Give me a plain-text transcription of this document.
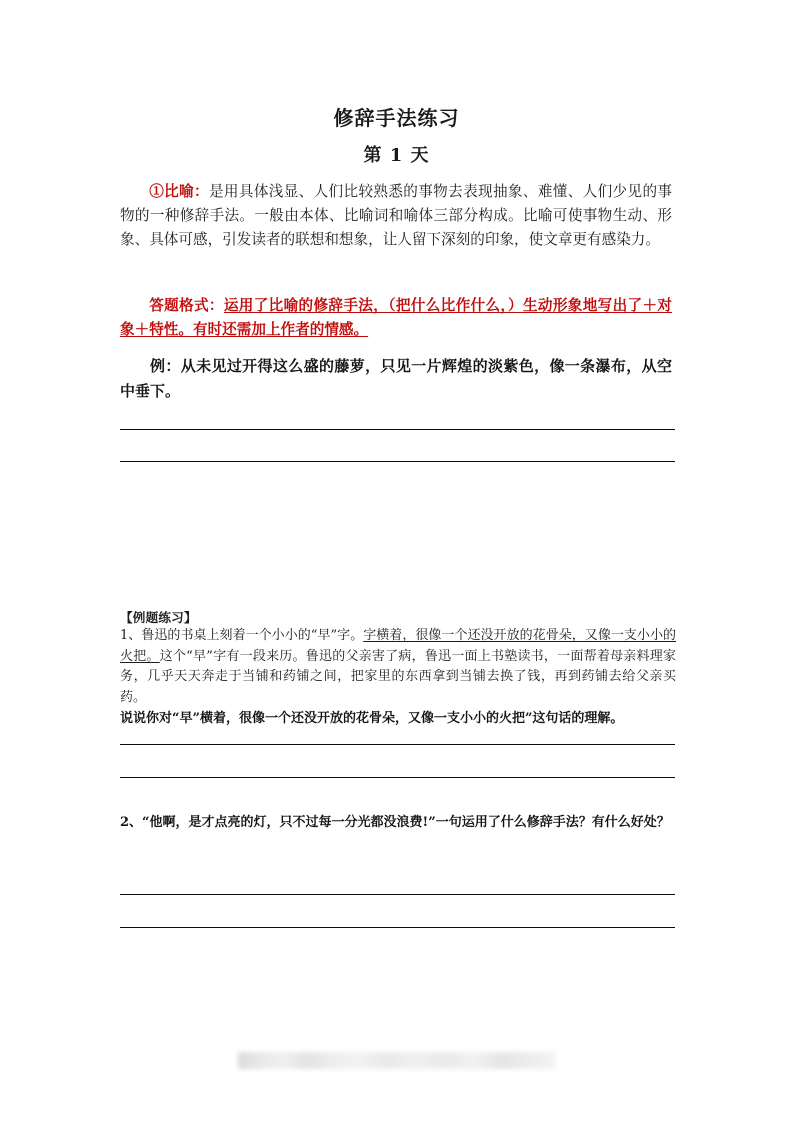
修辞手法练习
第 1 天
①比喻：是用具体浅显、人们比较熟悉的事物去表现抽象、难懂、人们少见的事物的一种修辞手法。一般由本体、比喻词和喻体三部分构成。比喻可使事物生动、形象、具体可感，引发读者的联想和想象，让人留下深刻的印象，使文章更有感染力。
答题格式：运用了比喻的修辞手法，（把什么比作什么，）生动形象地写出了＋对象＋特性。有时还需加上作者的情感。
例：从未见过开得这么盛的藤萝，只见一片辉煌的淡紫色，像一条瀑布，从空中垂下。
【例题练习】
1、鲁迅的书桌上刻着一个小小的“早”字。字横着，很像一个还没开放的花骨朵，又像一支小小的火把。这个“早”字有一段来历。鲁迅的父亲害了病，鲁迅一面上书塾读书，一面帮着母亲料理家务，几乎天天奔走于当铺和药铺之间，把家里的东西拿到当铺去换了钱，再到药铺去给父亲买药。
说说你对“早”横着，很像一个还没开放的花骨朵，又像一支小小的火把”这句话的理解。
2、“他啊，是才点亮的灯，只不过每一分光都没浪费!”一句运用了什么修辞手法？有什么好处？
